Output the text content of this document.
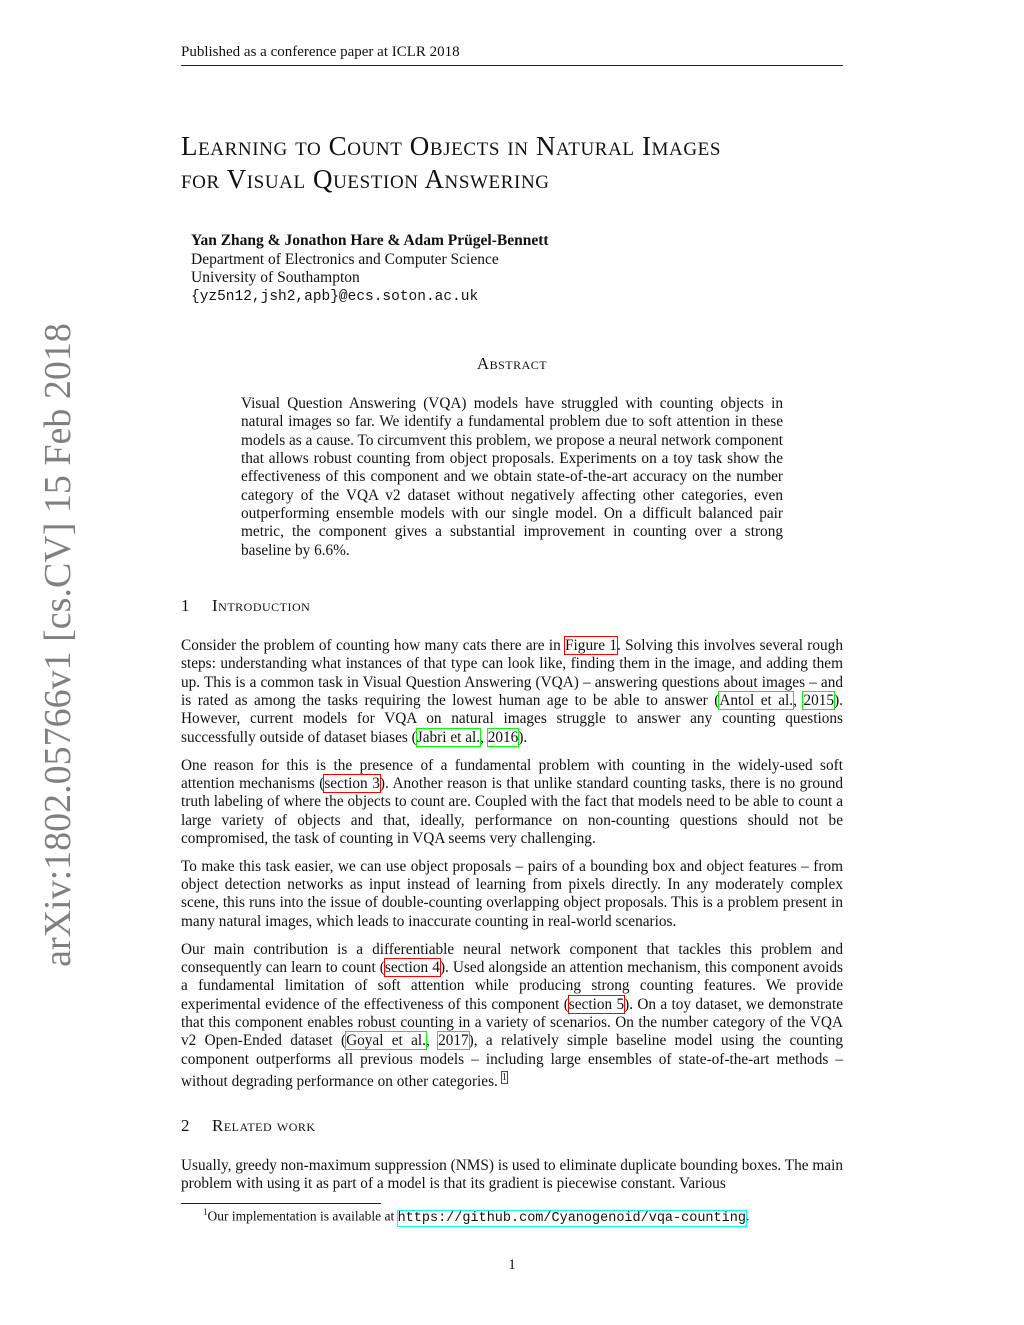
arXiv:1802.05766v1 [cs.CV] 15 Feb 2018
Published as a conference paper at ICLR 2018
Learning to Count Objects in Natural Images
for Visual Question Answering
Yan Zhang & Jonathon Hare & Adam Prügel-Bennett
Department of Electronics and Computer Science
University of Southampton
{yz5n12,jsh2,apb}@ecs.soton.ac.uk
Abstract
Visual Question Answering (VQA) models have struggled with counting objects in natural images so far. We identify a fundamental problem due to soft attention in these models as a cause. To circumvent this problem, we propose a neural network component that allows robust counting from object proposals. Experiments on a toy task show the effectiveness of this component and we obtain state-of-the-art accuracy on the number category of the VQA v2 dataset without negatively affecting other categories, even outperforming ensemble models with our single model. On a difficult balanced pair metric, the component gives a substantial improvement in counting over a strong baseline by 6.6%.
1 Introduction

Consider the problem of counting how many cats there are in Figure 1. Solving this involves several rough steps: understanding what instances of that type can look like, finding them in the image, and adding them up. This is a common task in Visual Question Answering (VQA) – answering questions about images – and is rated as among the tasks requiring the lowest human age to be able to answer (Antol et al., 2015). However, current models for VQA on natural images struggle to answer any counting questions successfully outside of dataset biases (Jabri et al., 2016).

One reason for this is the presence of a fundamental problem with counting in the widely-used soft attention mechanisms (section 3). Another reason is that unlike standard counting tasks, there is no ground truth labeling of where the objects to count are. Coupled with the fact that models need to be able to count a large variety of objects and that, ideally, performance on non-counting questions should not be compromised, the task of counting in VQA seems very challenging.

To make this task easier, we can use object proposals – pairs of a bounding box and object features – from object detection networks as input instead of learning from pixels directly. In any moderately complex scene, this runs into the issue of double-counting overlapping object proposals. This is a problem present in many natural images, which leads to inaccurate counting in real-world scenarios.

Our main contribution is a differentiable neural network component that tackles this problem and consequently can learn to count (section 4). Used alongside an attention mechanism, this component avoids a fundamental limitation of soft attention while producing strong counting features. We provide experimental evidence of the effectiveness of this component (section 5). On a toy dataset, we demonstrate that this component enables robust counting in a variety of scenarios. On the number category of the VQA v2 Open-Ended dataset (Goyal et al., 2017), a relatively simple baseline model using the counting component outperforms all previous models – including large ensembles of state-of-the-art methods – without degrading performance on other categories. $^1$

2 Related work

Usually, greedy non-maximum suppression (NMS) is used to eliminate duplicate bounding boxes. The main problem with using it as part of a model is that its gradient is piecewise constant. Various

$^1$Our implementation is available at https://github.com/Cyanogenoid/vqa-counting.
1
